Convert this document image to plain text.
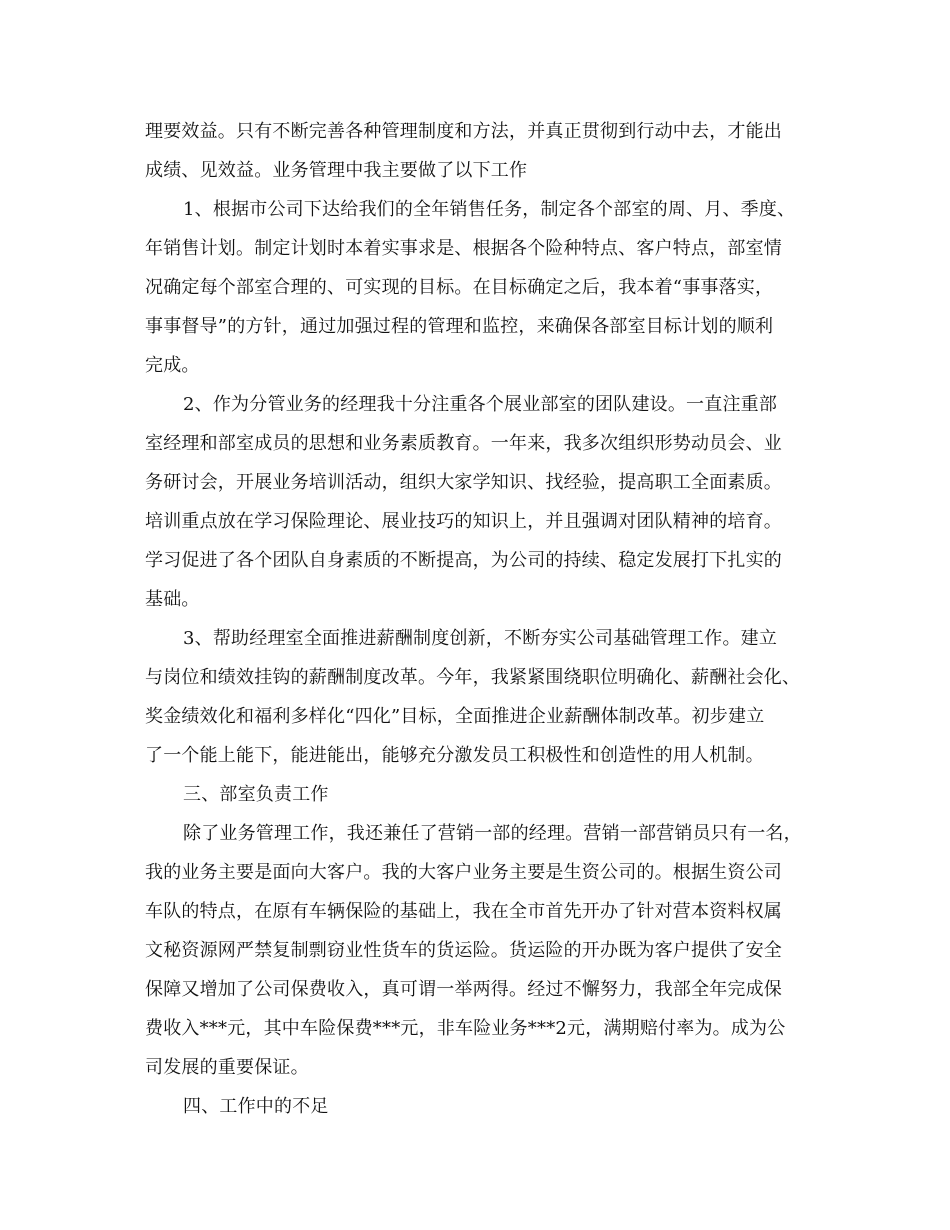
理要效益。只有不断完善各种管理制度和方法，并真正贯彻到行动中去，才能出
成绩、见效益。业务管理中我主要做了以下工作
1、根据市公司下达给我们的全年销售任务，制定各个部室的周、月、季度、
年销售计划。制定计划时本着实事求是、根据各个险种特点、客户特点，部室情
况确定每个部室合理的、可实现的目标。在目标确定之后，我本着“事事落实，
事事督导”的方针，通过加强过程的管理和监控，来确保各部室目标计划的顺利
完成。
2、作为分管业务的经理我十分注重各个展业部室的团队建设。一直注重部
室经理和部室成员的思想和业务素质教育。一年来，我多次组织形势动员会、业
务研讨会，开展业务培训活动，组织大家学知识、找经验，提高职工全面素质。
培训重点放在学习保险理论、展业技巧的知识上，并且强调对团队精神的培育。
学习促进了各个团队自身素质的不断提高，为公司的持续、稳定发展打下扎实的
基础。
3、帮助经理室全面推进薪酬制度创新，不断夯实公司基础管理工作。建立
与岗位和绩效挂钩的薪酬制度改革。今年，我紧紧围绕职位明确化、薪酬社会化、
奖金绩效化和福利多样化“四化”目标，全面推进企业薪酬体制改革。初步建立
了一个能上能下，能进能出，能够充分激发员工积极性和创造性的用人机制。
三、部室负责工作
除了业务管理工作，我还兼任了营销一部的经理。营销一部营销员只有一名，
我的业务主要是面向大客户。我的大客户业务主要是生资公司的。根据生资公司
车队的特点，在原有车辆保险的基础上，我在全市首先开办了针对营本资料权属
文秘资源网严禁复制剽窃业性货车的货运险。货运险的开办既为客户提供了安全
保障又增加了公司保费收入，真可谓一举两得。经过不懈努力，我部全年完成保
费收入***元，其中车险保费***元，非车险业务***2元，满期赔付率为。成为公
司发展的重要保证。
四、工作中的不足
